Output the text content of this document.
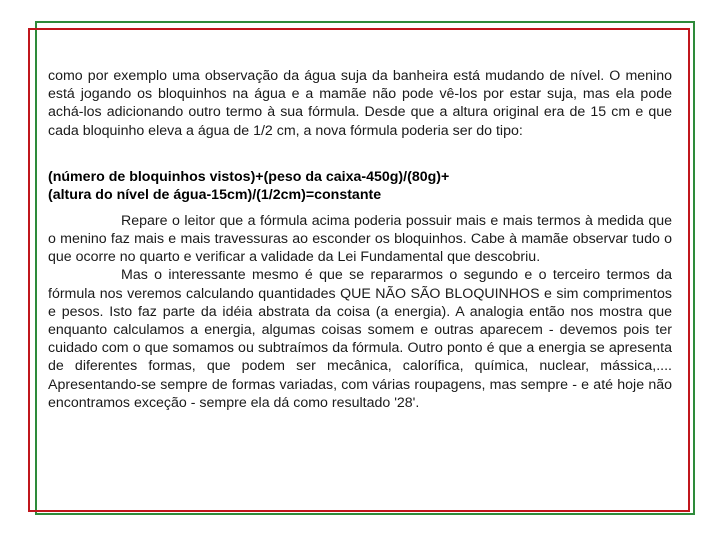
como por exemplo uma observação da água suja da banheira está mudando de nível. O menino está jogando os bloquinhos na água e a mamãe não pode vê-los por estar suja, mas ela pode achá-los adicionando outro termo à sua fórmula. Desde que a altura original era de 15 cm e que cada bloquinho eleva a água de 1/2 cm, a nova fórmula poderia ser do tipo:

(número de bloquinhos vistos)+(peso da caixa-450g)/(80g)+

(altura do nível de água-15cm)/(1/2cm)=constante

Repare o leitor que a fórmula acima poderia possuir mais e mais termos à medida que o menino faz mais e mais travessuras ao esconder os bloquinhos. Cabe à mamãe observar tudo o que ocorre no quarto e verificar a validade da Lei Fundamental que descobriu.

Mas o interessante mesmo é que se repararmos o segundo e o terceiro termos da fórmula nos veremos calculando quantidades QUE NÃO SÃO BLOQUINHOS e sim comprimentos e pesos. Isto faz parte da idéia abstrata da coisa (a energia). A analogia então nos mostra que enquanto calculamos a energia, algumas coisas somem e outras aparecem - devemos pois ter cuidado com o que somamos ou subtraímos da fórmula. Outro ponto é que a energia se apresenta de diferentes formas, que podem ser mecânica, calorífica, química, nuclear, mássica,.... Apresentando-se sempre de formas variadas, com várias roupagens, mas sempre - e até hoje não encontramos exceção - sempre ela dá como resultado '28'.
